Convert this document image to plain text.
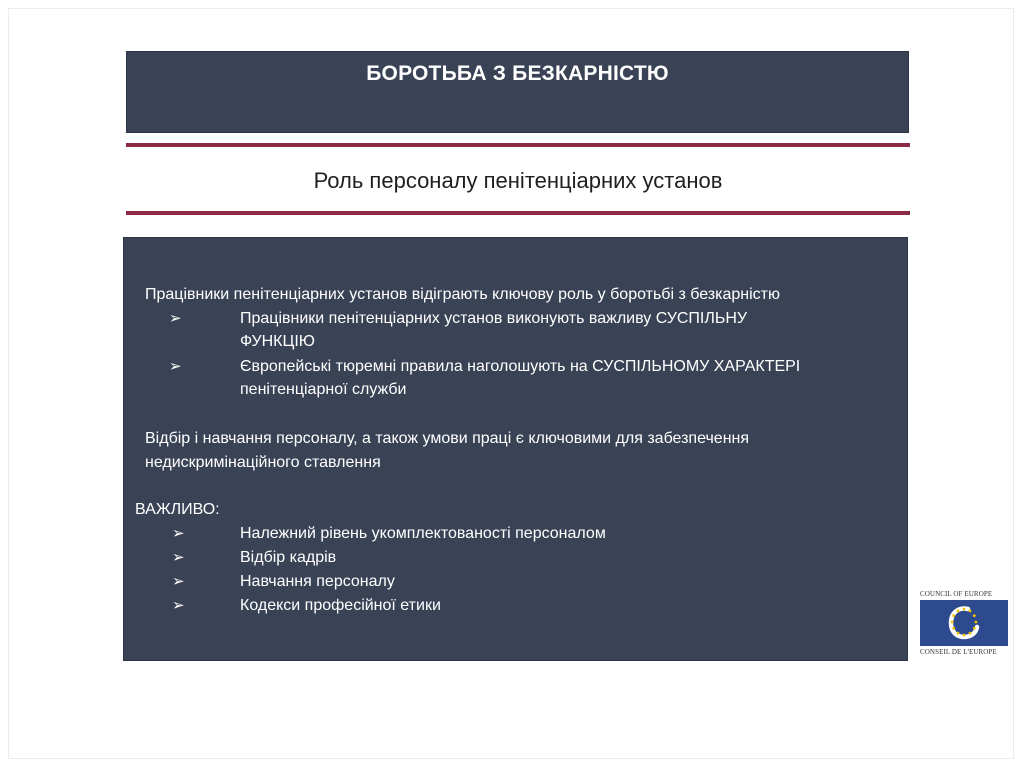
БОРОТЬБА З БЕЗКАРНІСТЮ
Роль персоналу пенітенціарних установ
Працівники пенітенціарних установ відіграють ключову роль у боротьбі з безкарністю
➢	Працівники пенітенціарних установ виконують важливу СУСПІЛЬНУ
ФУНКЦІЮ
➢	Європейські тюремні правила наголошують на СУСПІЛЬНОМУ ХАРАКТЕРІ
пенітенціарної служби
Відбір і навчання персоналу, а також умови праці є ключовими для забезпечення
недискримінаційного ставлення
ВАЖЛИВО:
➢	Належний рівень укомплектованості персоналом
➢	Відбір кадрів
➢	Навчання персоналу
➢	Кодекси професійної етики
COUNCIL OF EUROPE
CONSEIL DE L'EUROPE
